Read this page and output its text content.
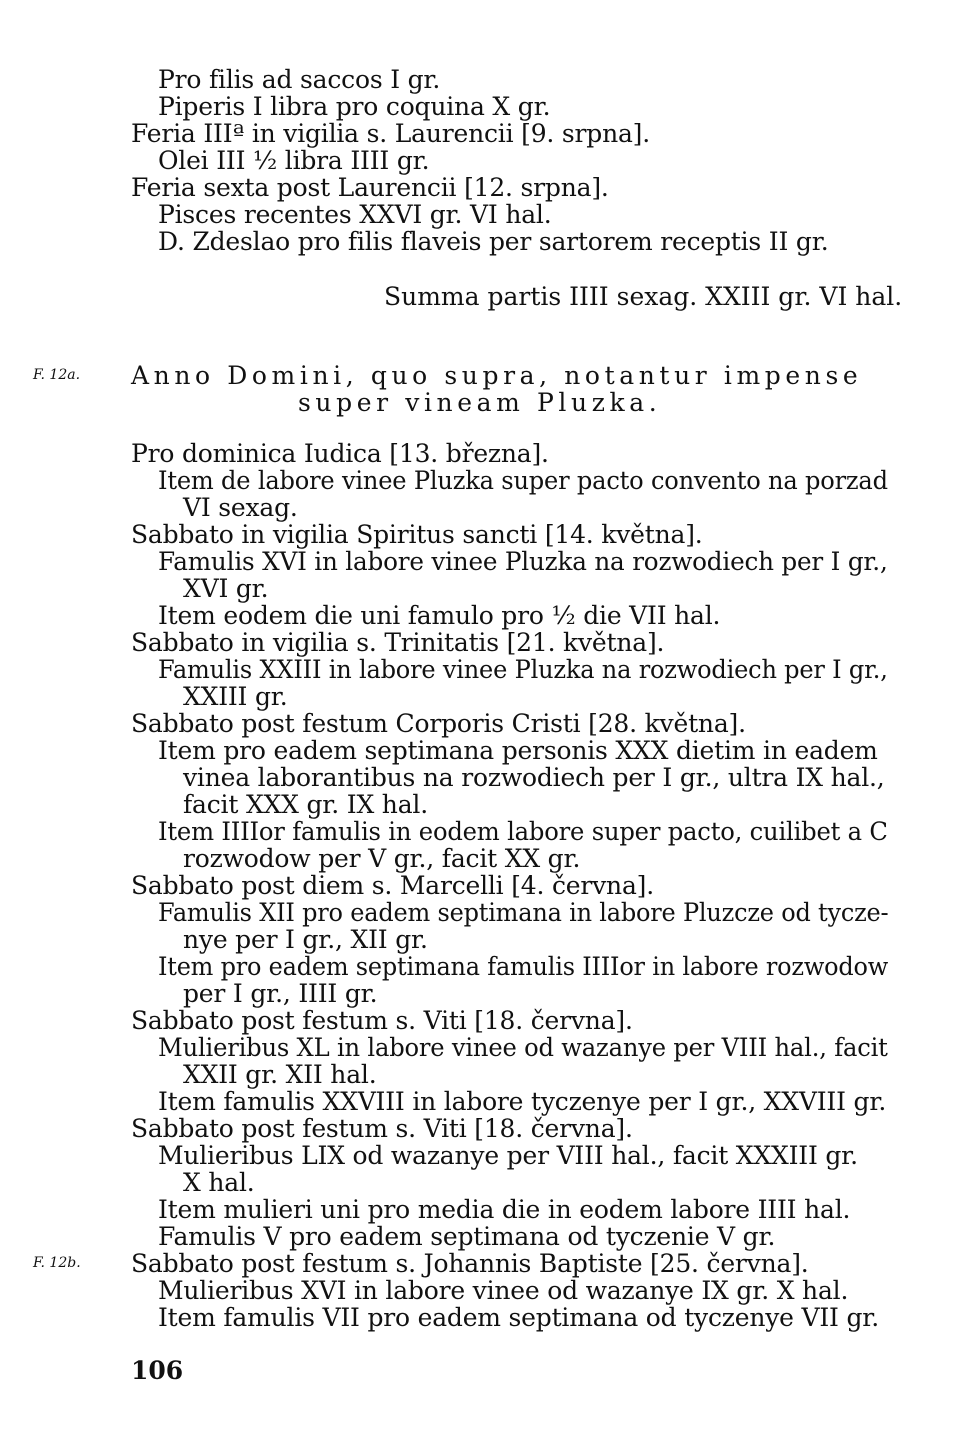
Pro filis ad saccos I gr.
Piperis I libra pro coquina X gr.
Feria IIIª in vigilia s. Laurencii [9. srpna].
Olei III ½ libra IIII gr.
Feria sexta post Laurencii [12. srpna].
Pisces recentes XXVI gr. VI hal.
D. Zdeslao pro filis flaveis per sartorem receptis II gr.
Summa partis IIII sexag. XXIII gr. VI hal.
F. 12a. Anno Domini, quo supra, notantur impense
super vineam Pluzka.
Pro dominica Iudica [13. března].
Item de labore vinee Pluzka super pacto convento na porzad
VI sexag.
Sabbato in vigilia Spiritus sancti [14. května].
Famulis XVI in labore vinee Pluzka na rozwodiech per I gr.,
XVI gr.
Item eodem die uni famulo pro ½ die VII hal.
Sabbato in vigilia s. Trinitatis [21. května].
Famulis XXIII in labore vinee Pluzka na rozwodiech per I gr.,
XXIII gr.
Sabbato post festum Corporis Cristi [28. května].
Item pro eadem septimana personis XXX dietim in eadem
vinea laborantibus na rozwodiech per I gr., ultra IX hal.,
facit XXX gr. IX hal.
Item IIIIor famulis in eodem labore super pacto, cuilibet a C
rozwodow per V gr., facit XX gr.
Sabbato post diem s. Marcelli [4. června].
Famulis XII pro eadem septimana in labore Pluzcze od tycze-
nye per I gr., XII gr.
Item pro eadem septimana famulis IIIIor in labore rozwodow
per I gr., IIII gr.
Sabbato post festum s. Viti [18. června].
Mulieribus XL in labore vinee od wazanye per VIII hal., facit
XXII gr. XII hal.
Item famulis XXVIII in labore tyczenye per I gr., XXVIII gr.
Sabbato post festum s. Viti [18. června].
Mulieribus LIX od wazanye per VIII hal., facit XXXIII gr.
X hal.
Item mulieri uni pro media die in eodem labore IIII hal.
Famulis V pro eadem septimana od tyczenie V gr.
F. 12b. Sabbato post festum s. Johannis Baptiste [25. června].
Mulieribus XVI in labore vinee od wazanye IX gr. X hal.
Item famulis VII pro eadem septimana od tyczenye VII gr.
106
